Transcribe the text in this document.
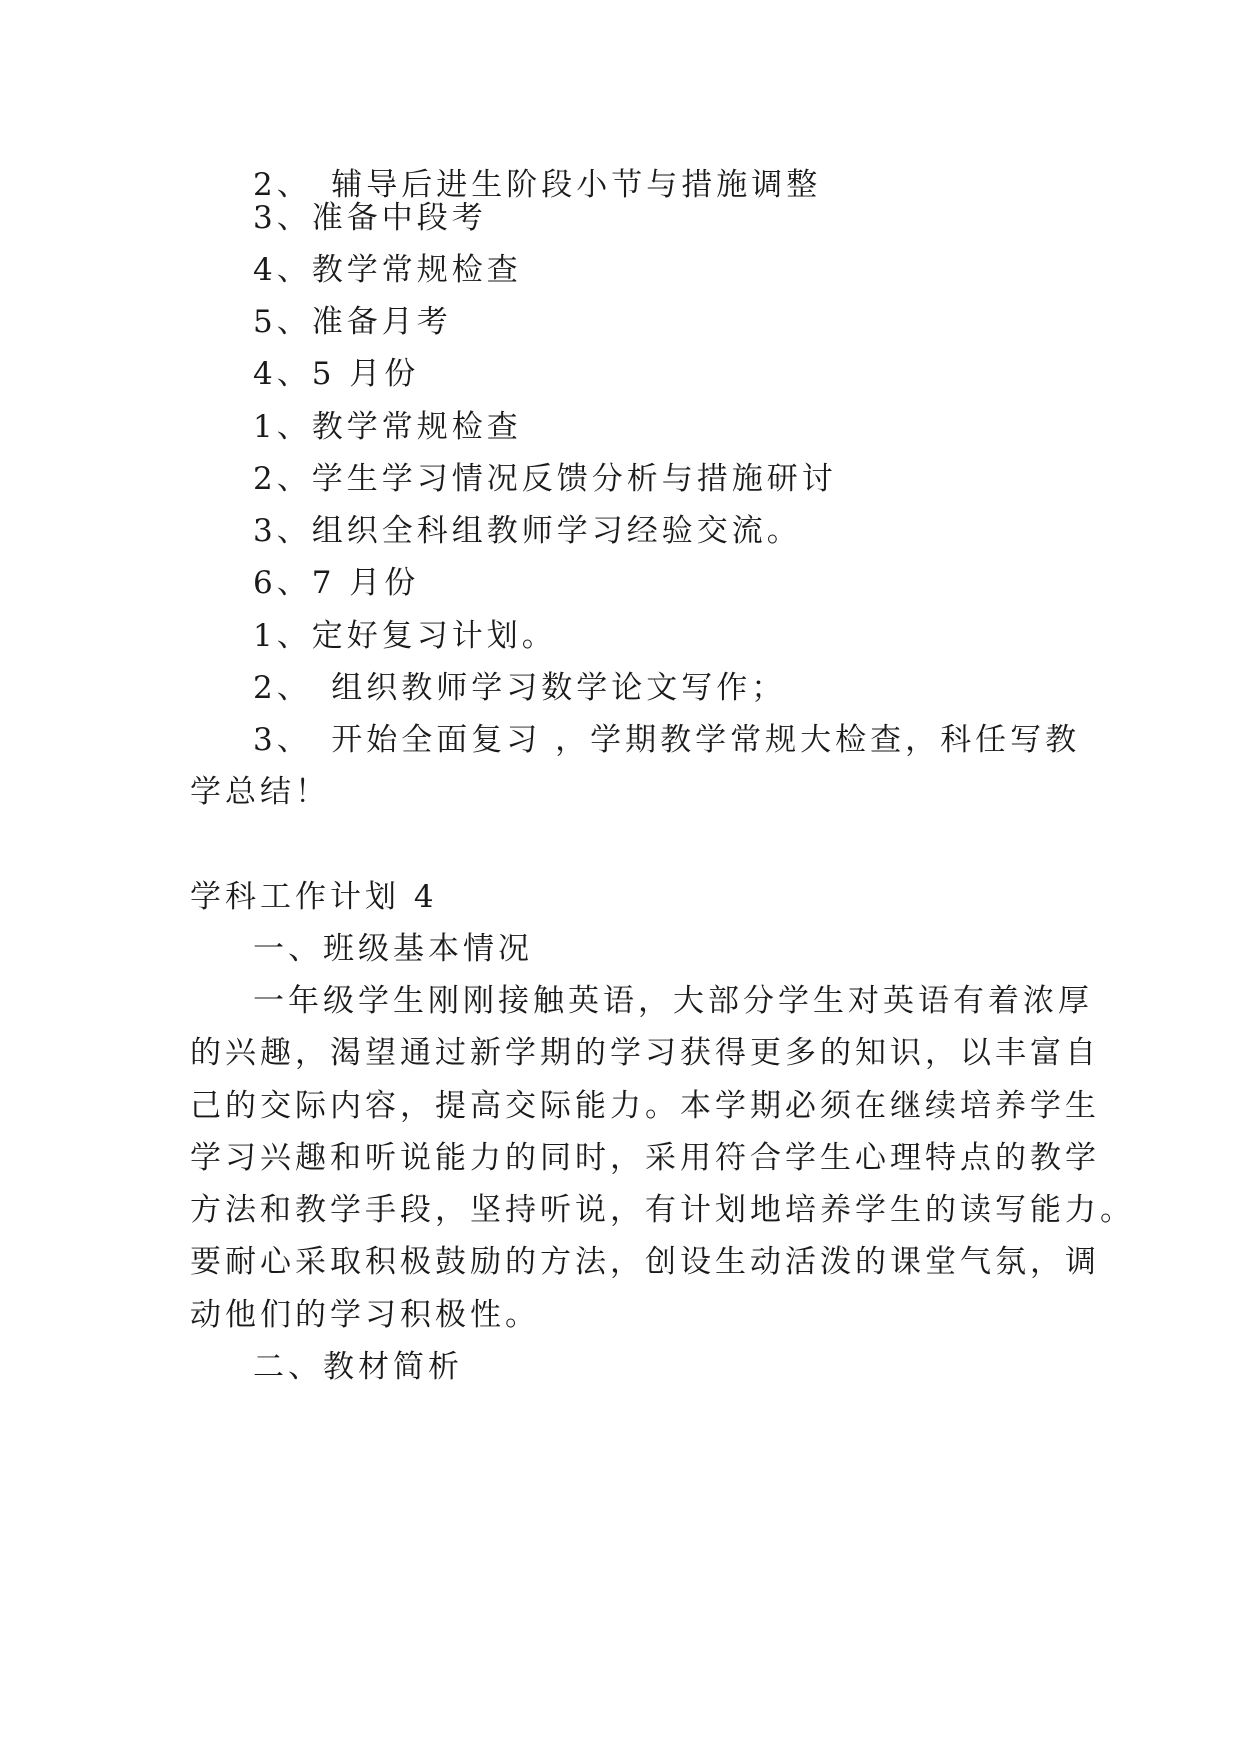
2、　辅导后进生阶段小节与措施调整

3、准备中段考

4、教学常规检查

5、准备月考

4、5 月份

1、教学常规检查

2、学生学习情况反馈分析与措施研讨

3、组织全科组教师学习经验交流。

6、7 月份

1、定好复习计划。

2、　组织教师学习数学论文写作；

3、　开始全面复习 ，学期教学常规大检查，科任写教

学总结！

学科工作计划 4

一、班级基本情况

一年级学生刚刚接触英语，大部分学生对英语有着浓厚

的兴趣，渴望通过新学期的学习获得更多的知识，以丰富自

己的交际内容，提高交际能力。本学期必须在继续培养学生

学习兴趣和听说能力的同时，采用符合学生心理特点的教学

方法和教学手段，坚持听说，有计划地培养学生的读写能力。

要耐心采取积极鼓励的方法，创设生动活泼的课堂气氛，调

动他们的学习积极性。

二、教材简析
